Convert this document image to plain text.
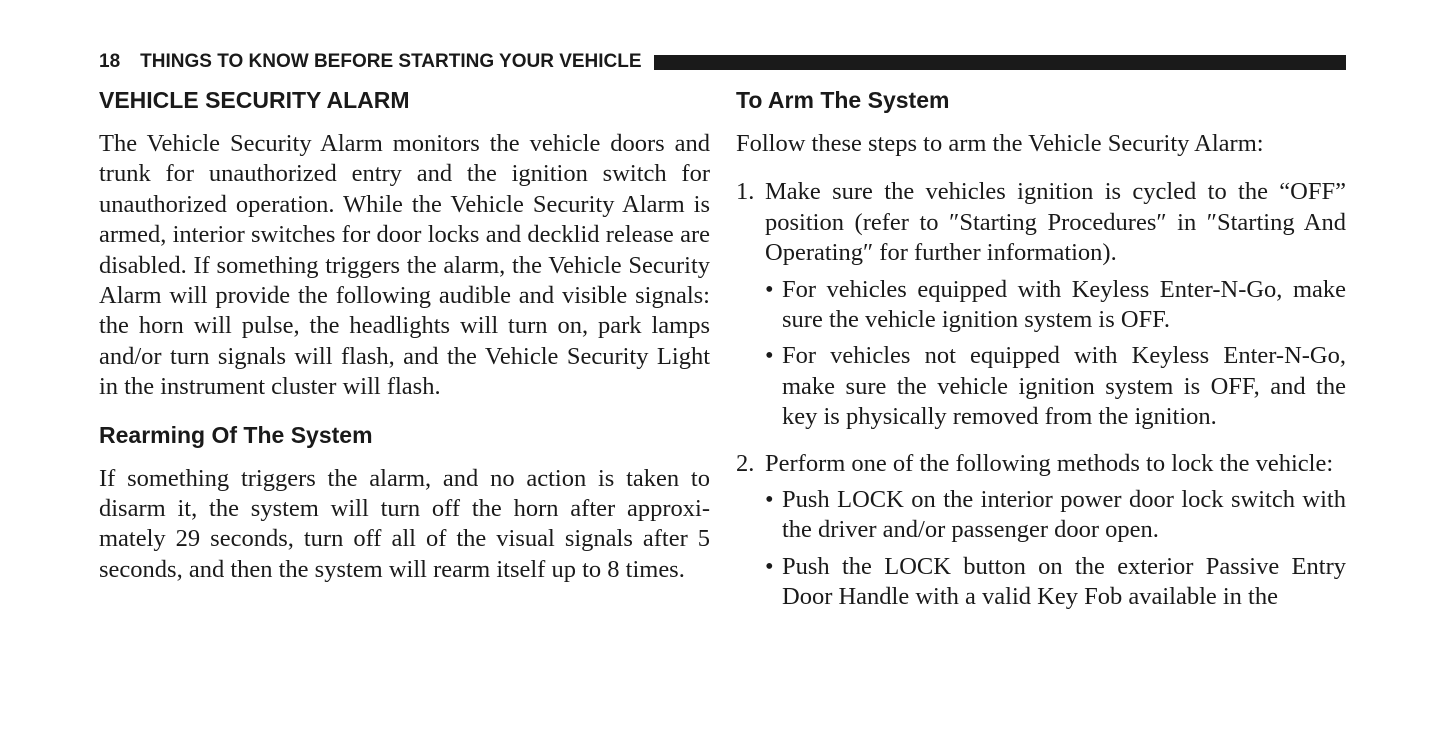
18 THINGS TO KNOW BEFORE STARTING YOUR VEHICLE
VEHICLE SECURITY ALARM

The Vehicle Security Alarm monitors the vehicle doors and trunk for unauthorized entry and the ignition switch for unauthorized operation. While the Vehicle Security Alarm is armed, interior switches for door locks and decklid release are disabled. If something triggers the alarm, the Vehicle Security Alarm will provide the following audible and visible signals: the horn will pulse, the headlights will turn on, park lamps and/or turn signals will flash, and the Vehicle Security Light in the instrument cluster will flash.

Rearming Of The System

If something triggers the alarm, and no action is taken to disarm it, the system will turn off the horn after approximately 29 seconds, turn off all of the visual signals after 5 seconds, and then the system will rearm itself up to 8 times.

To Arm The System

Follow these steps to arm the Vehicle Security Alarm:

1. Make sure the vehicles ignition is cycled to the “OFF” position (refer to ″Starting Procedures″ in ″Starting And Operating″ for further information).
• For vehicles equipped with Keyless Enter-N-Go, make sure the vehicle ignition system is OFF.
• For vehicles not equipped with Keyless Enter-N-Go, make sure the vehicle ignition system is OFF, and the key is physically removed from the ignition.
2. Perform one of the following methods to lock the vehicle:
• Push LOCK on the interior power door lock switch with the driver and/or passenger door open.
• Push the LOCK button on the exterior Passive Entry Door Handle with a valid Key Fob available in the
